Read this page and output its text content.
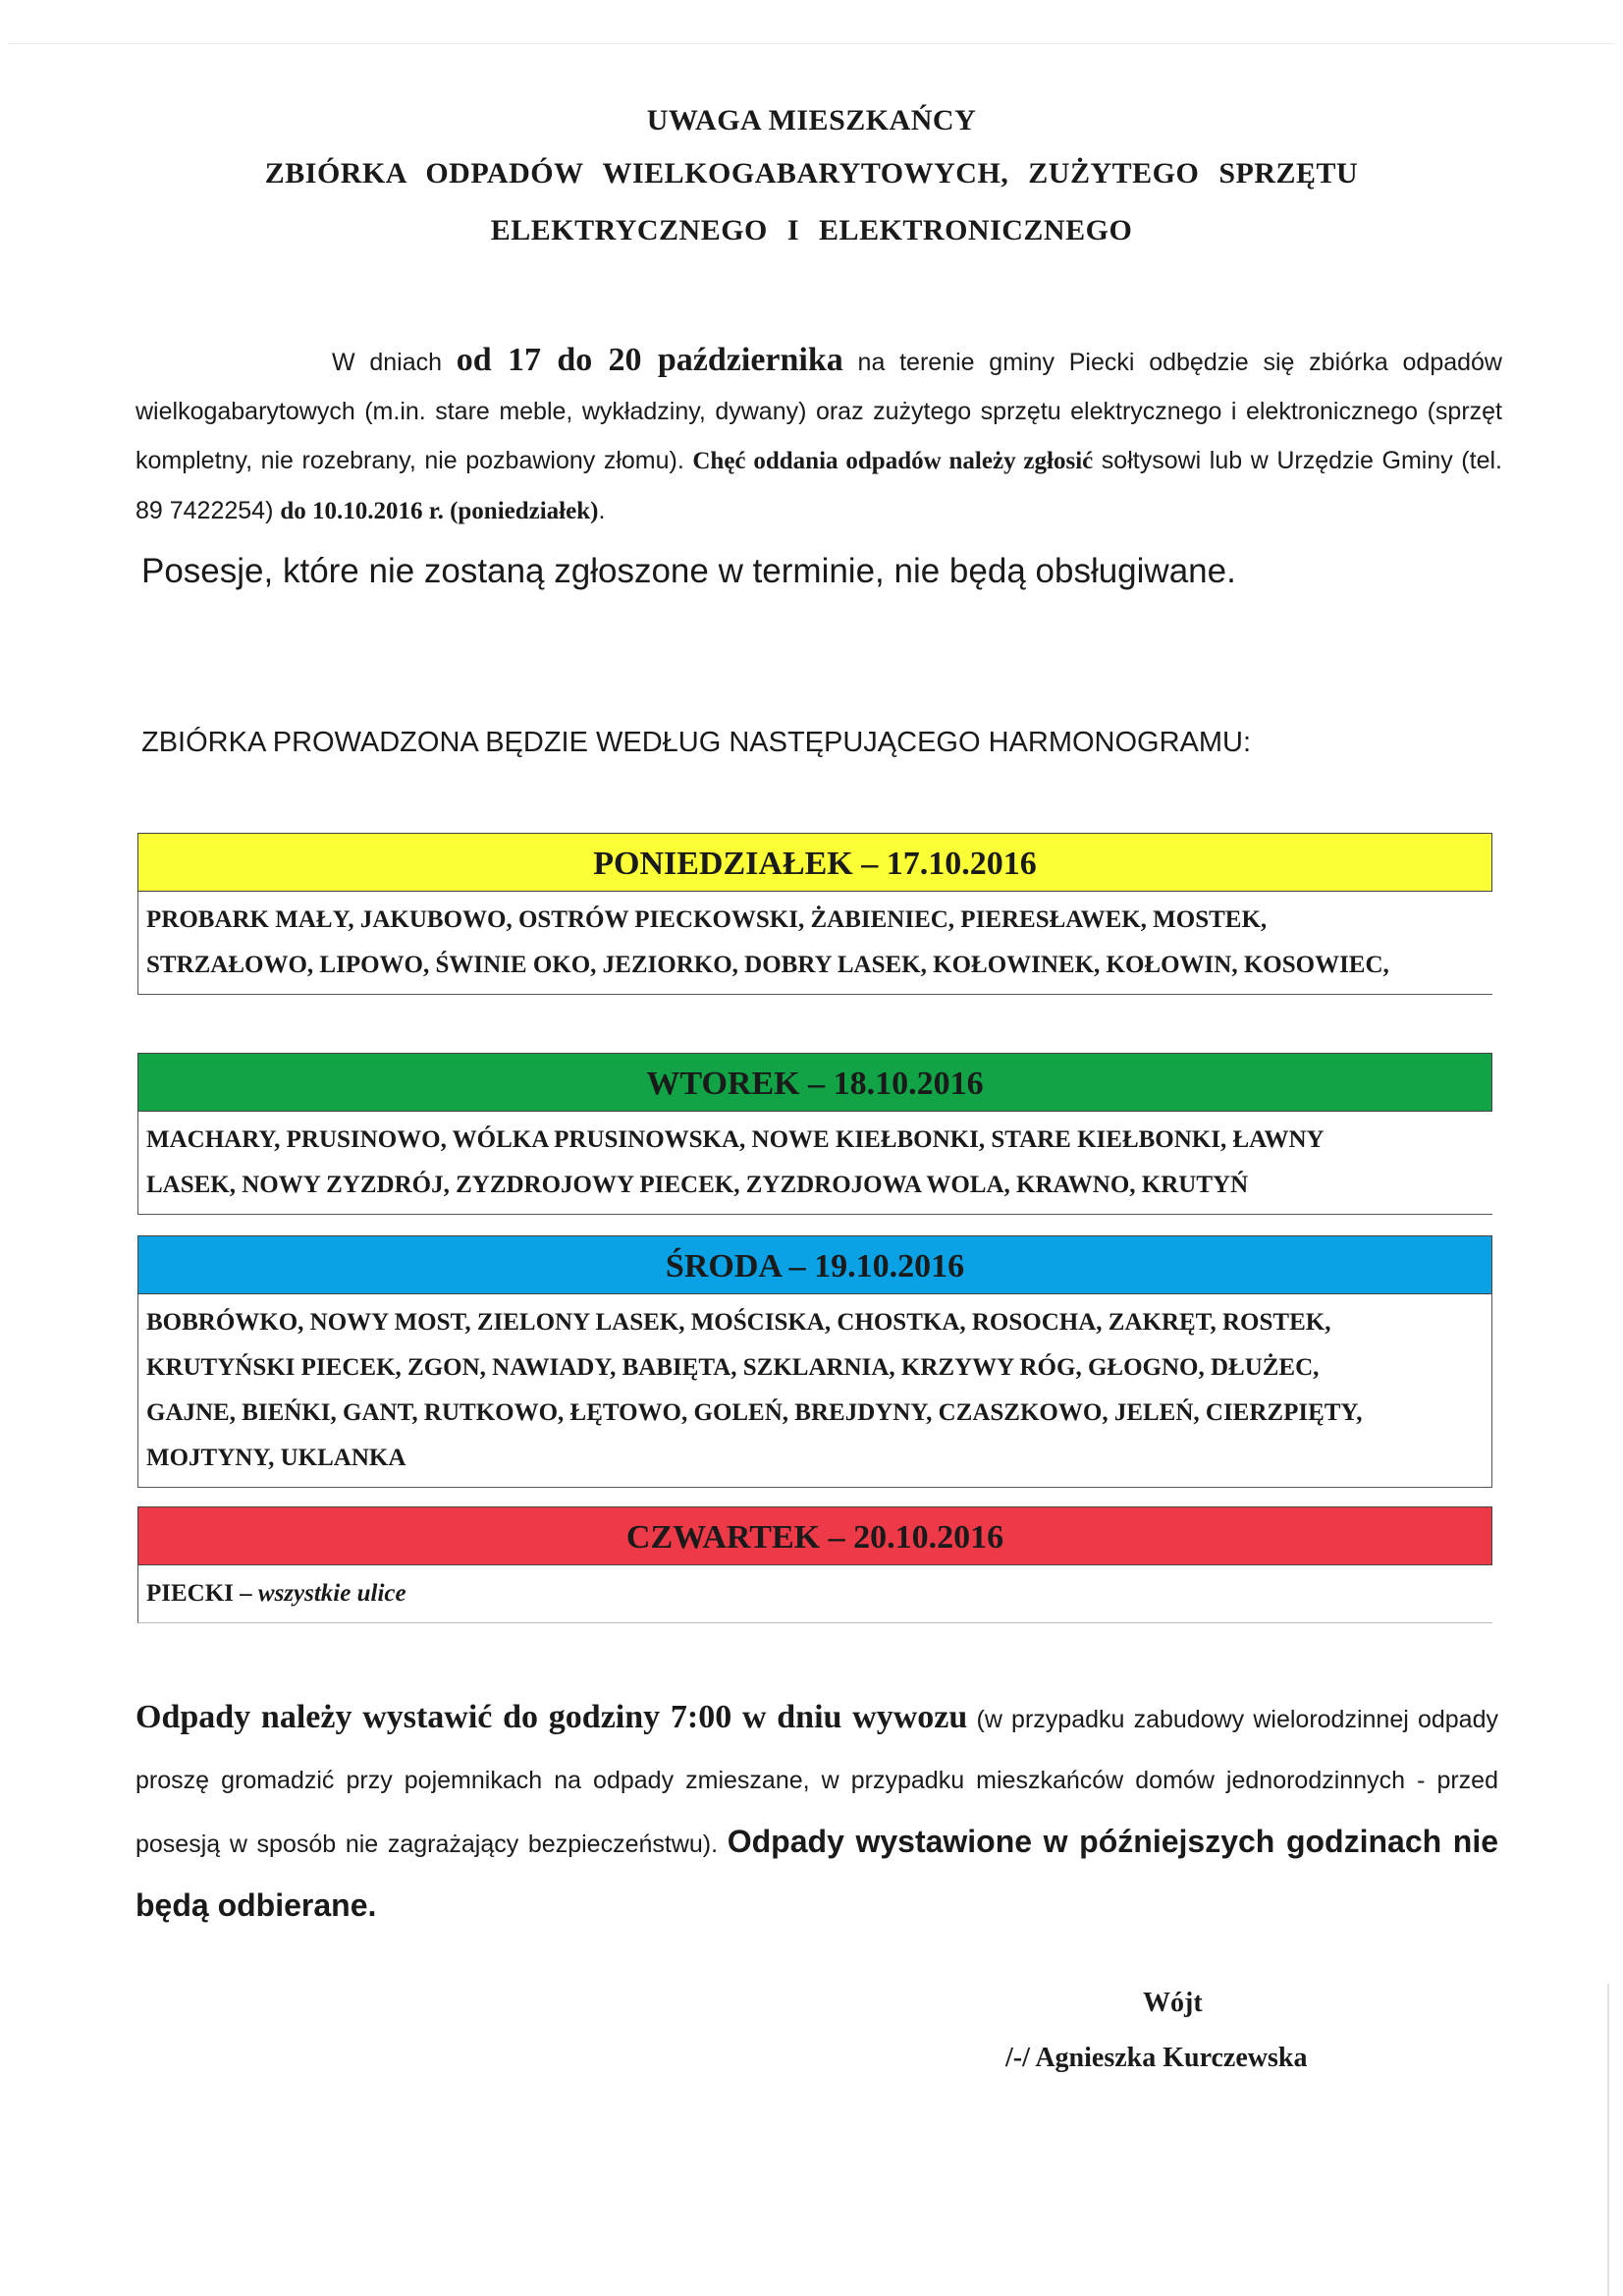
UWAGA MIESZKAŃCY
ZBIÓRKA ODPADÓW WIELKOGABARYTOWYCH, ZUŻYTEGO SPRZĘTU
ELEKTRYCZNEGO I ELEKTRONICZNEGO
W dniach od 17 do 20 października na terenie gminy Piecki odbędzie się zbiórka odpadów wielkogabarytowych (m.in. stare meble, wykładziny, dywany) oraz zużytego sprzętu elektrycznego i elektronicznego (sprzęt kompletny, nie rozebrany, nie pozbawiony złomu). Chęć oddania odpadów należy zgłosić sołtysowi lub w Urzędzie Gminy (tel. 89 7422254) do 10.10.2016 r. (poniedziałek).
Posesje, które nie zostaną zgłoszone w terminie, nie będą obsługiwane.
ZBIÓRKA PROWADZONA BĘDZIE WEDŁUG NASTĘPUJĄCEGO HARMONOGRAMU:
PONIEDZIAŁEK – 17.10.2016
PROBARK MAŁY, JAKUBOWO, OSTRÓW PIECKOWSKI, ŻABIENIEC, PIERESŁAWEK, MOSTEK,
STRZAŁOWO, LIPOWO, ŚWINIE OKO, JEZIORKO, DOBRY LASEK, KOŁOWINEK, KOŁOWIN, KOSOWIEC,
WTOREK – 18.10.2016
MACHARY, PRUSINOWO, WÓLKA PRUSINOWSKA, NOWE KIEŁBONKI, STARE KIEŁBONKI, ŁAWNY
LASEK, NOWY ZYZDRÓJ, ZYZDROJOWY PIECEK, ZYZDROJOWA WOLA, KRAWNO, KRUTYŃ
ŚRODA – 19.10.2016
BOBRÓWKO, NOWY MOST, ZIELONY LASEK, MOŚCISKA, CHOSTKA, ROSOCHA, ZAKRĘT, ROSTEK,
KRUTYŃSKI PIECEK, ZGON, NAWIADY, BABIĘTA, SZKLARNIA, KRZYWY RÓG, GŁOGNO, DŁUŻEC,
GAJNE, BIEŃKI, GANT, RUTKOWO, ŁĘTOWO, GOLEŃ, BREJDYNY, CZASZKOWO, JELEŃ, CIERZPIĘTY,
MOJTYNY, UKLANKA
CZWARTEK – 20.10.2016
PIECKI – wszystkie ulice
Odpady należy wystawić do godziny 7:00 w dniu wywozu (w przypadku zabudowy wielorodzinnej odpady proszę gromadzić przy pojemnikach na odpady zmieszane, w przypadku mieszkańców domów jednorodzinnych - przed posesją w sposób nie zagrażający bezpieczeństwu). Odpady wystawione w późniejszych godzinach nie będą odbierane.
Wójt
/-/ Agnieszka Kurczewska
